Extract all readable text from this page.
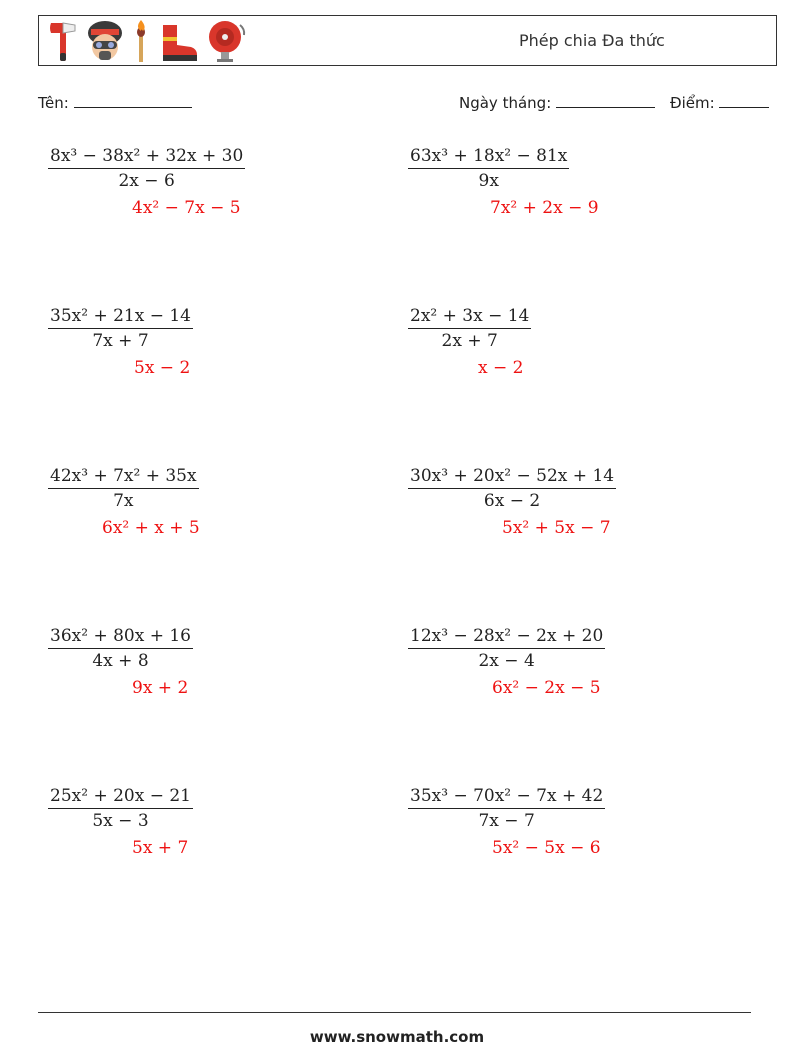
Phép chia Đa thức
Tên:	Ngày tháng:	Điểm:
$\frac{\text{8x³ − 38x² + 32x + 30}}{2x - 6}$
4x² − 7x − 5
$\frac{\text{63x³ + 18x² − 81x}}{9x}$
7x² + 2x − 9
$\frac{\text{35x² + 21x − 14}}{7x + 7}$
5x − 2
$\frac{\text{2x² + 3x − 14}}{2x + 7}$
x − 2
$\frac{\text{42x³ + 7x² + 35x}}{7x}$
6x² + x + 5
$\frac{\text{30x³ + 20x² − 52x + 14}}{6x - 2}$
5x² + 5x − 7
$\frac{\text{36x² + 80x + 16}}{4x + 8}$
9x + 2
$\frac{\text{12x³ − 28x² − 2x + 20}}{2x - 4}$
6x² − 2x − 5
$\frac{\text{25x² + 20x − 21}}{5x - 3}$
5x + 7
$\frac{\text{35x³ − 70x² − 7x + 42}}{7x - 7}$
5x² − 5x − 6
www.snowmath.com
